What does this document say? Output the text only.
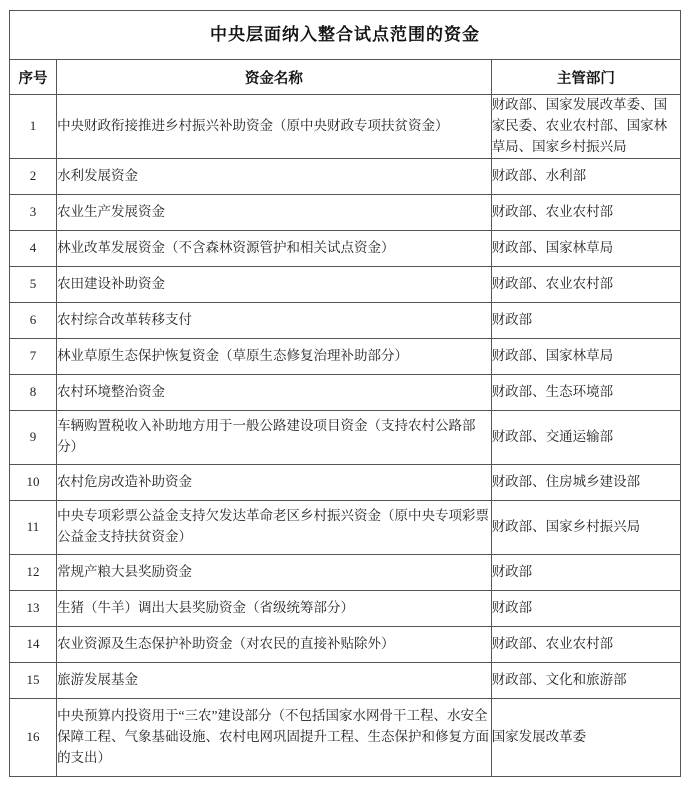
中央层面纳入整合试点范围的资金		
序号	资金名称	主管部门
1	中央财政衔接推进乡村振兴补助资金（原中央财政专项扶贫资金）	财政部、国家发展改革委、国家民委、农业农村部、国家林草局、国家乡村振兴局
2	水利发展资金	财政部、水利部
3	农业生产发展资金	财政部、农业农村部
4	林业改革发展资金（不含森林资源管护和相关试点资金）	财政部、国家林草局
5	农田建设补助资金	财政部、农业农村部
6	农村综合改革转移支付	财政部
7	林业草原生态保护恢复资金（草原生态修复治理补助部分）	财政部、国家林草局
8	农村环境整治资金	财政部、生态环境部
9	车辆购置税收入补助地方用于一般公路建设项目资金（支持农村公路部分）	财政部、交通运输部
10	农村危房改造补助资金	财政部、住房城乡建设部
11	中央专项彩票公益金支持欠发达革命老区乡村振兴资金（原中央专项彩票公益金支持扶贫资金）	财政部、国家乡村振兴局
12	常规产粮大县奖励资金	财政部
13	生猪（牛羊）调出大县奖励资金（省级统筹部分）	财政部
14	农业资源及生态保护补助资金（对农民的直接补贴除外）	财政部、农业农村部
15	旅游发展基金	财政部、文化和旅游部
16	中央预算内投资用于“三农”建设部分（不包括国家水网骨干工程、水安全保障工程、气象基础设施、农村电网巩固提升工程、生态保护和修复方面的支出）	国家发展改革委
